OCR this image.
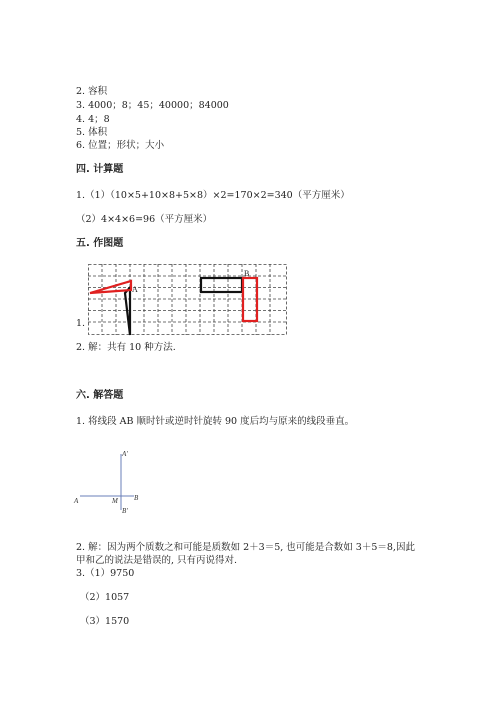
2. 容积
3. 4000；8；45；40000；84000
4. 4；8
5. 体积
6. 位置；形状；大小
四. 计算题
1.（1）（10×5+10×8+5×8）×2=170×2=340（平方厘米）
（2）4×4×6=96（平方厘米）
五. 作图题
1.
A
B
2. 解：共有 10 种方法.
六. 解答题
1. 将线段 AB 顺时针或逆时针旋转 90 度后均与原来的线段垂直。
A'
A	M B
B'
2. 解：因为两个质数之和可能是质数如 2＋3＝5, 也可能是合数如 3＋5＝8,因此
甲和乙的说法是错误的, 只有丙说得对.
3.（1）9750
（2）1057
（3）1570
